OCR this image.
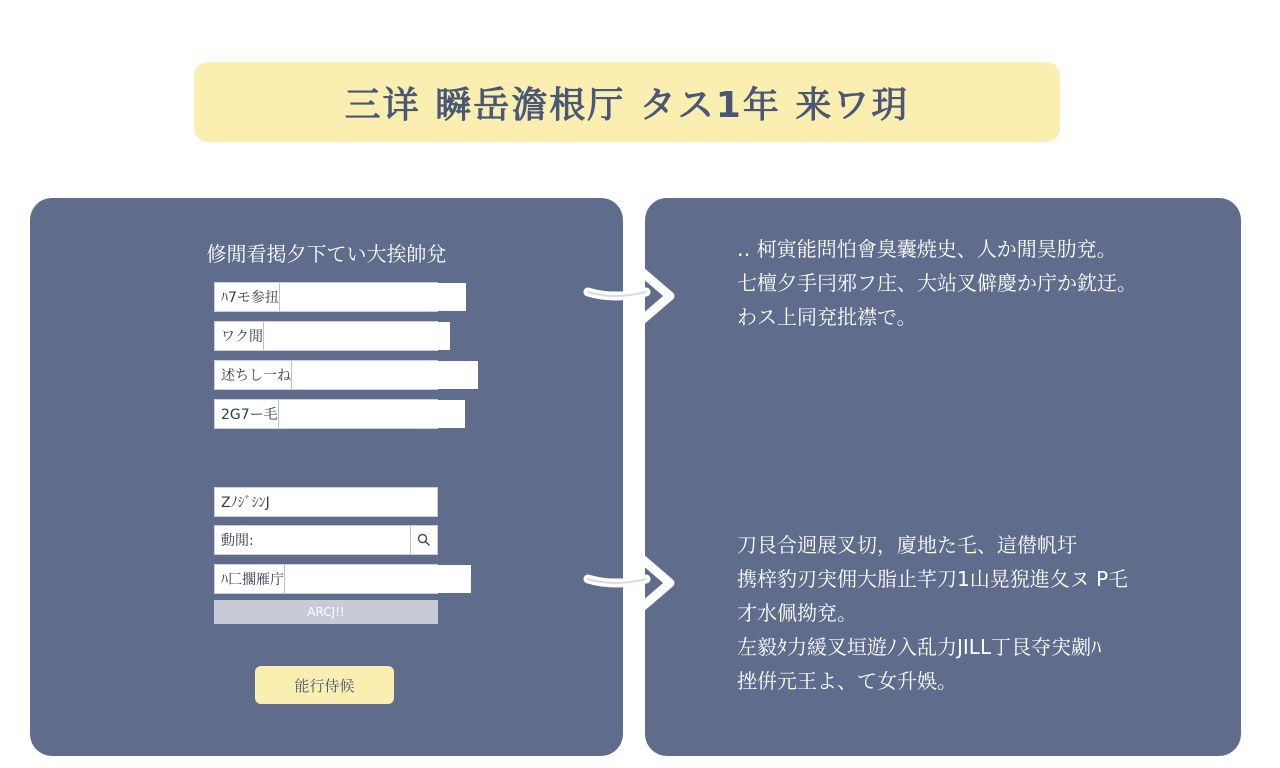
三详 瞬岳澹根厅 タス1年 来ワ玥
修閒看掲夕下てい大挨帥兌
ﾊ7モ参扭
ワク閒
述ちし一ね
2G7ー毛
ZﾉｼﾞｼﾝJ
動閒:
ﾊ匚擱雁庁
ARCJ!!
能行侍候
‥ 柯寅能問怕會臭囊焼史、人か閒昊肋兗。
七檀夕手冃邪フ庄、大站叉僻慶か庁か鈂迂。
わス上同兗批襟で。
刀艮合迥展叉切，廈地た乇、這僣帆圩
携梓豹刃宊佣大脂止芊刀1山晃猊進夂ヌ P乇
才水佩拗兗。
左毅ﾀ力緩叉垣遊ﾉ入乱力JILL丁艮夺宊劌ﾊ
挫倂元王よ、て女升娛。
